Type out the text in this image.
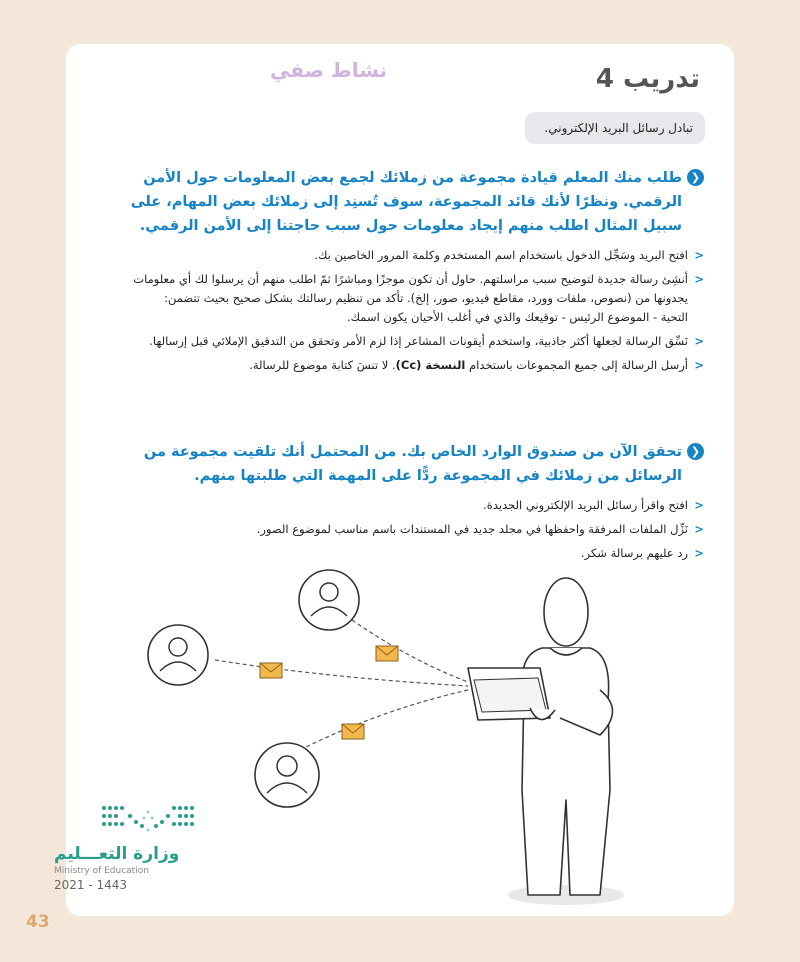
نشاط صفي	تدريب 4
تبادل رسائل البريد الإلكتروني.
❮
طلب منك المعلم قيادة مجموعة من زملائك لجمع بعض المعلومات حول الأمن الرقمي. ونظرًا لأنك قائد المجموعة، سوف تُسنِد إلى زملائك بعض المهام، على سبيل المثال اطلب منهم إيجاد معلومات حول سبب حاجتنا إلى الأمن الرقمي.
<
افتح البريد وسَجِّل الدخول باستخدام اسم المستخدم وكلمة المرور الخاصين بك.
<
أنشِئ رسالة جديدة لتوضيح سبب مراسلتهم. حاول أن تكون موجزًا ومباشرًا ثمّ اطلب منهم أن يرسلوا لك أي معلومات يجدونها من (نصوص، ملفات وورد، مقاطع فيديو، صور، إلخ). تأكد من تنظيم رسالتك بشكل صحيح بحيث تتضمن:
التحية - الموضوع الرئيس - توقيعك والذي في أغلب الأحيان يكون اسمك.
<
نَسِّق الرسالة لجعلها أكثر جاذبية، واستخدم أيقونات المشاعر إذا لزم الأمر وتحقق من التدقيق الإملائي قبل إرسالها.
<
أرسل الرسالة إلى جميع المجموعات باستخدام النسخة (Cc). لا تنسَ كتابة موضوع للرسالة.
❮
تحقق الآن من صندوق الوارد الخاص بك. من المحتمل أنك تلقيت مجموعة من الرسائل من زملائك في المجموعة ردًّا على المهمة التي طلبتها منهم.
<
افتح واقرأ رسائل البريد الإلكتروني الجديدة.
<
نَزِّل الملفات المرفقة واحفظها في مجلد جديد في المستندات باسم مناسب لموضوع الصور.
<
رد عليهم برسالة شكر.
وزارة التعـــليم
Ministry of Education
2021 - 1443
43
